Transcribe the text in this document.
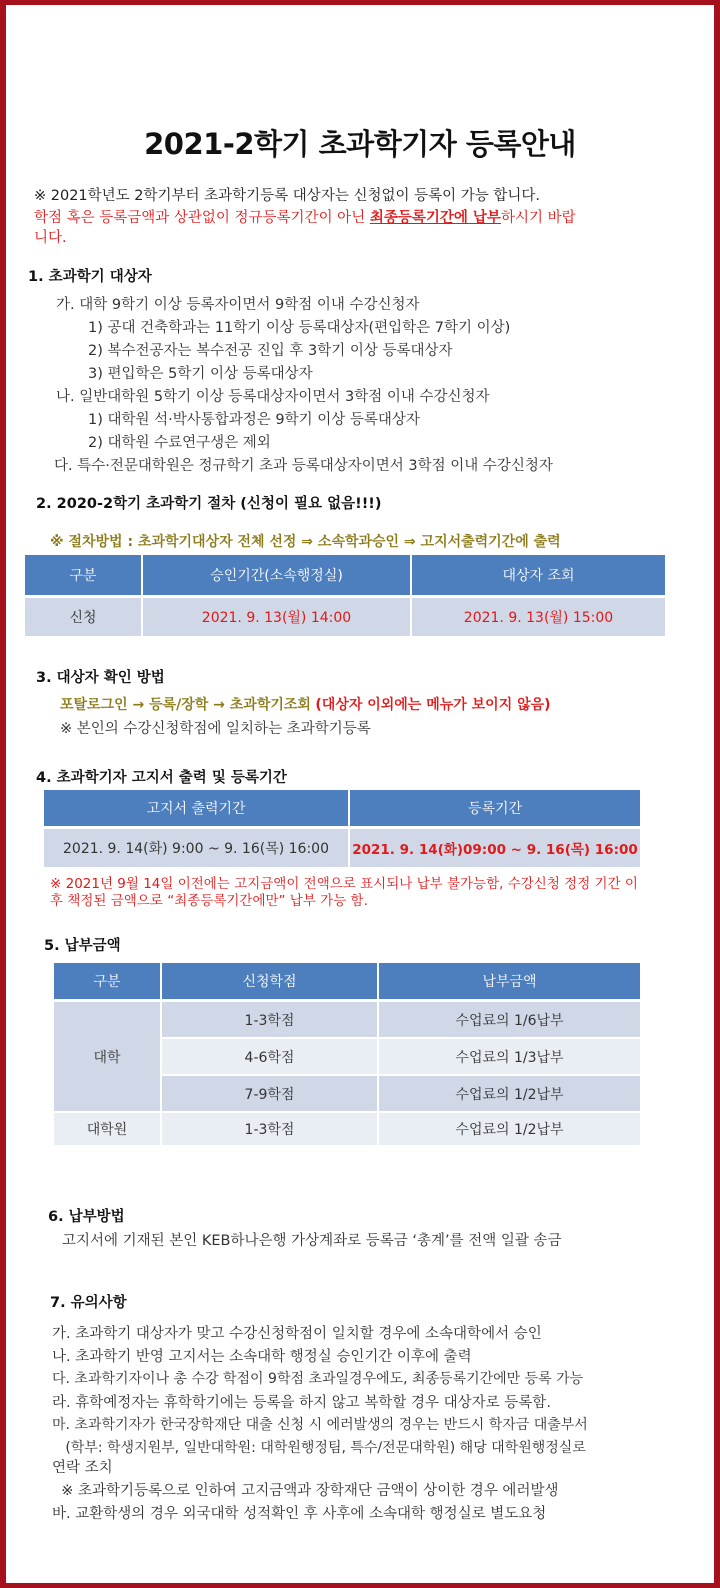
2021-2학기 초과학기자 등록안내
※ 2021학년도 2학기부터 초과학기등록 대상자는 신청없이 등록이 가능 합니다.
학점 혹은 등록금액과 상관없이 정규등록기간이 아닌 최종등록기간에 납부하시기 바랍
니다.
1. 초과학기 대상자
가. 대학 9학기 이상 등록자이면서 9학점 이내 수강신청자
1) 공대 건축학과는 11학기 이상 등록대상자(편입학은 7학기 이상)
2) 복수전공자는 복수전공 진입 후 3학기 이상 등록대상자
3) 편입학은 5학기 이상 등록대상자
나. 일반대학원 5학기 이상 등록대상자이면서 3학점 이내 수강신청자
1) 대학원 석·박사통합과정은 9학기 이상 등록대상자
2) 대학원 수료연구생은 제외
다. 특수·전문대학원은 정규학기 초과 등록대상자이면서 3학점 이내 수강신청자
2. 2020-2학기 초과학기 절차 (신청이 필요 없음!!!)
※ 절차방법 : 초과학기대상자 전체 선정 ⇒ 소속학과승인 ⇒ 고지서출력기간에 출력
구분	승인기간(소속행정실)	대상자 조회
신청	2021. 9. 13(월) 14:00	2021. 9. 13(월) 15:00
3. 대상자 확인 방법
포탈로그인 → 등록/장학 → 초과학기조회 (대상자 이외에는 메뉴가 보이지 않음)
※ 본인의 수강신청학점에 일치하는 초과학기등록
4. 초과학기자 고지서 출력 및 등록기간
고지서 출력기간	등록기간
2021. 9. 14(화) 9:00 ~ 9. 16(목) 16:00	2021. 9. 14(화)09:00 ~ 9. 16(목) 16:00
※ 2021년 9월 14일 이전에는 고지금액이 전액으로 표시되나 납부 불가능함, 수강신청 정정 기간 이후 책정된 금액으로 “최종등록기간에만” 납부 가능 함.
5. 납부금액
구분	신청학점	납부금액
대학	1-3학점	수업료의 1/6납부
	4-6학점	수업료의 1/3납부
	7-9학점	수업료의 1/2납부
대학원	1-3학점	수업료의 1/2납부
6. 납부방법
고지서에 기재된 본인 KEB하나은행 가상계좌로 등록금 ‘총계’를 전액 일괄 송금
7. 유의사항
가. 초과학기 대상자가 맞고 수강신청학점이 일치할 경우에 소속대학에서 승인
나. 초과학기 반영 고지서는 소속대학 행정실 승인기간 이후에 출력
다. 초과학기자이나 총 수강 학점이 9학점 초과일경우에도, 최종등록기간에만 등록 가능
라. 휴학예정자는 휴학학기에는 등록을 하지 않고 복학할 경우 대상자로 등록함.
마. 초과학기자가 한국장학재단 대출 신청 시 에러발생의 경우는 반드시 학자금 대출부서
(학부: 학생지원부, 일반대학원: 대학원행정팀, 특수/전문대학원) 해당 대학원행정실로
연락 조치
※ 초과학기등록으로 인하여 고지금액과 장학재단 금액이 상이한 경우 에러발생
바. 교환학생의 경우 외국대학 성적확인 후 사후에 소속대학 행정실로 별도요청
